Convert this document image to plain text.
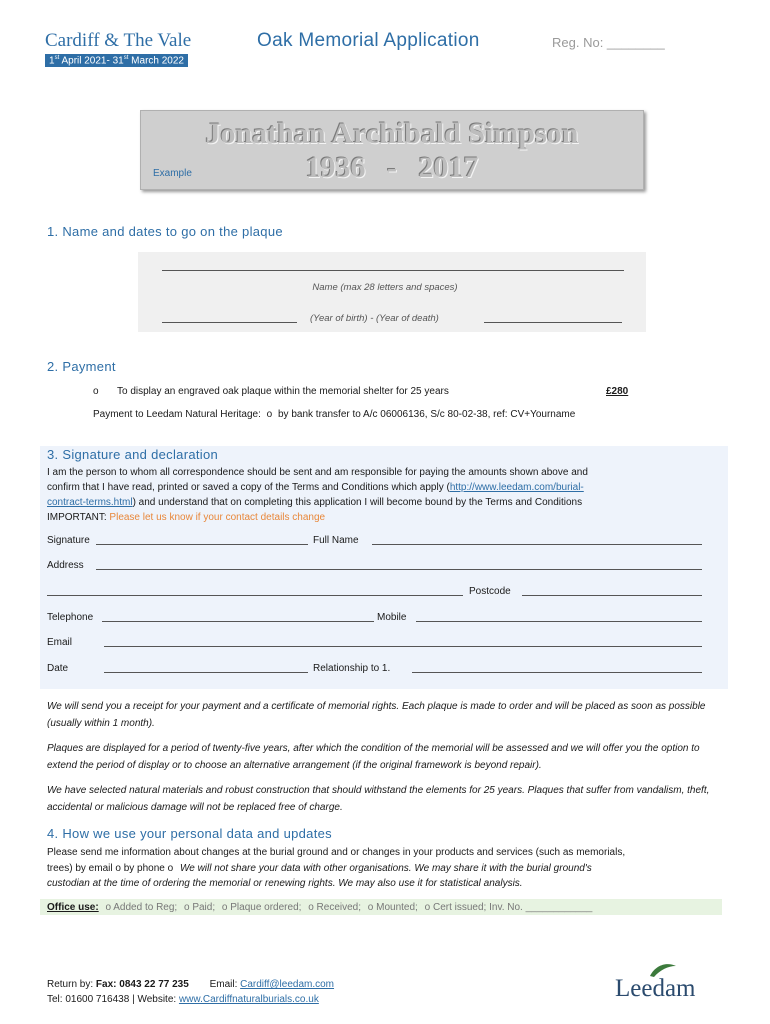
Cardiff & The Vale	Oak Memorial Application	Reg. No: ________
1st April 2021- 31st March 2022
Jonathan Archibald Simpson
1936 - 2017
Example
1. Name and dates to go on the plaque
Name (max 28 letters and spaces)
(Year of birth) - (Year of death)
2. Payment
o To display an engraved oak plaque within the memorial shelter for 25 years	£280
Payment to Leedam Natural Heritage: o by bank transfer to A/c 06006136, S/c 80-02-38, ref: CV+Yourname
3. Signature and declaration
I am the person to whom all correspondence should be sent and am responsible for paying the amounts shown above and
confirm that I have read, printed or saved a copy of the Terms and Conditions which apply (http://www.leedam.com/burial-
contract-terms.html) and understand that on completing this application I will become bound by the Terms and Conditions
IMPORTANT: Please let us know if your contact details change
Signature	Full Name
Address
Postcode
Telephone	Mobile
Email
Date	Relationship to 1.
We will send you a receipt for your payment and a certificate of memorial rights. Each plaque is made to order and will be placed as soon as possible (usually within 1 month).
Plaques are displayed for a period of twenty-five years, after which the condition of the memorial will be assessed and we will offer you the option to extend the period of display or to choose an alternative arrangement (if the original framework is beyond repair).
We have selected natural materials and robust construction that should withstand the elements for 25 years. Plaques that suffer from vandalism, theft, accidental or malicious damage will not be replaced free of charge.
4. How we use your personal data and updates
Please send me information about changes at the burial ground and or changes in your products and services (such as memorials,
trees) by email o by phone o We will not share your data with other organisations. We may share it with the burial ground's
custodian at the time of ordering the memorial or renewing rights. We may also use it for statistical analysis.
Office use: o Added to Reg; o Paid; o Plaque ordered; o Received; o Mounted; o Cert issued; Inv. No. ____________
Return by: Fax: 0843 22 77 235 Email: Cardiff@leedam.com
Tel: 01600 716438 | Website: www.Cardiffnaturalburials.co.uk	Leedam
